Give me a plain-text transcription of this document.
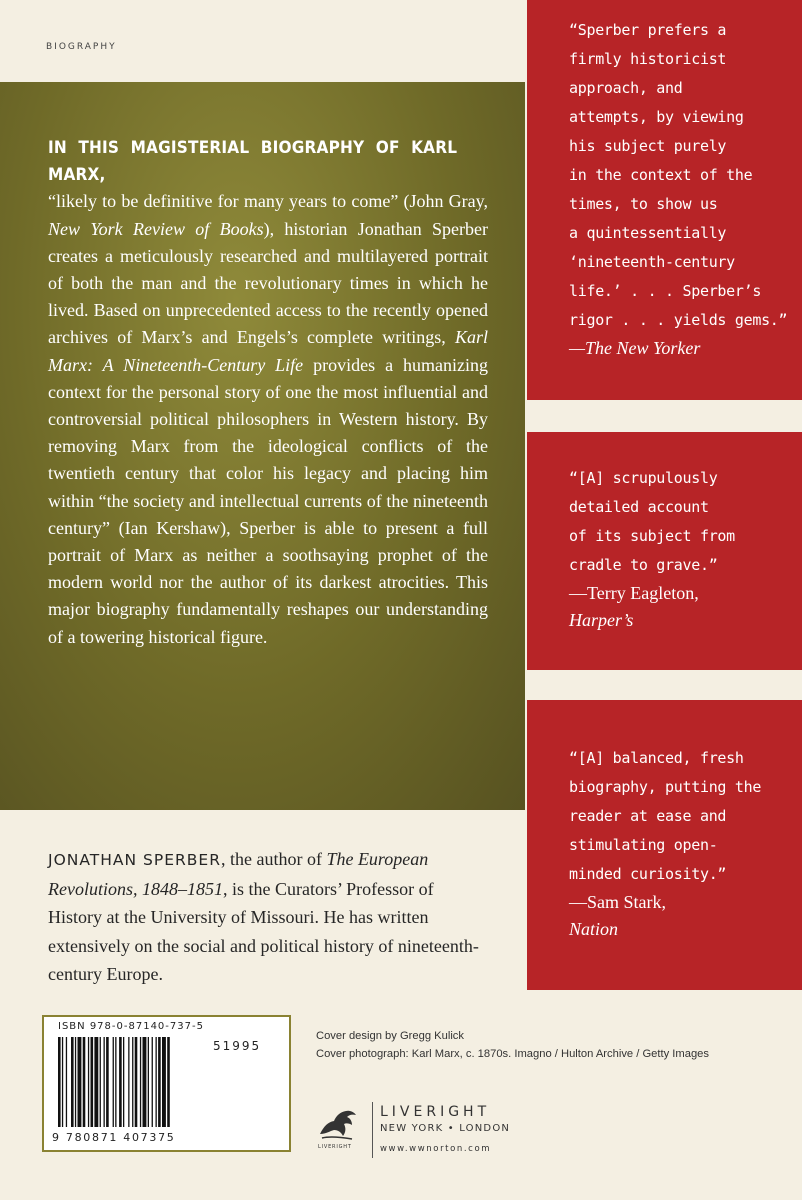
BIOGRAPHY

IN THIS MAGISTERIAL BIOGRAPHY OF KARL MARX, “likely to be definitive for many years to come” (John Gray, New York Review of Books), historian Jonathan Sperber creates a meticulously researched and multilayered portrait of both the man and the revolutionary times in which he lived. Based on unprecedented access to the recently opened archives of Marx’s and Engels’s complete writings, Karl Marx: A Nineteenth-Century Life provides a humanizing context for the personal story of one the most influential and controversial political philosophers in Western history. By removing Marx from the ideological conflicts of the twentieth century that color his legacy and placing him within “the society and intellectual currents of the nineteenth century” (Ian Kershaw), Sperber is able to present a full portrait of Marx as neither a soothsaying prophet of the modern world nor the author of its darkest atrocities. This major biography fundamentally reshapes our understanding of a towering historical figure.

JONATHAN SPERBER, the author of The European Revolutions, 1848–1851, is the Curators’ Professor of History at the University of Missouri. He has written extensively on the social and political history of nineteenth-century Europe.

“Sperber prefers a
firmly historicist
approach, and
attempts, by viewing
his subject purely
in the context of the
times, to show us
a quintessentially
‘nineteenth-century
life.’ . . . Sperber’s
rigor . . . yields gems.”
—The New Yorker
“[A] scrupulously
detailed account
of its subject from
cradle to grave.”
—Terry Eagleton,
Harper’s
“[A] balanced, fresh
biography, putting the
reader at ease and
stimulating open-
minded curiosity.”
—Sam Stark,
Nation
ISBN 978-0-87140-737-5
51995
9 780871 407375
Cover design by Gregg Kulick
Cover photograph: Karl Marx, c. 1870s. Imagno / Hulton Archive / Getty Images
LIVERIGHT
LIVERIGHT
NEW YORK • LONDON
www.wwnorton.com
